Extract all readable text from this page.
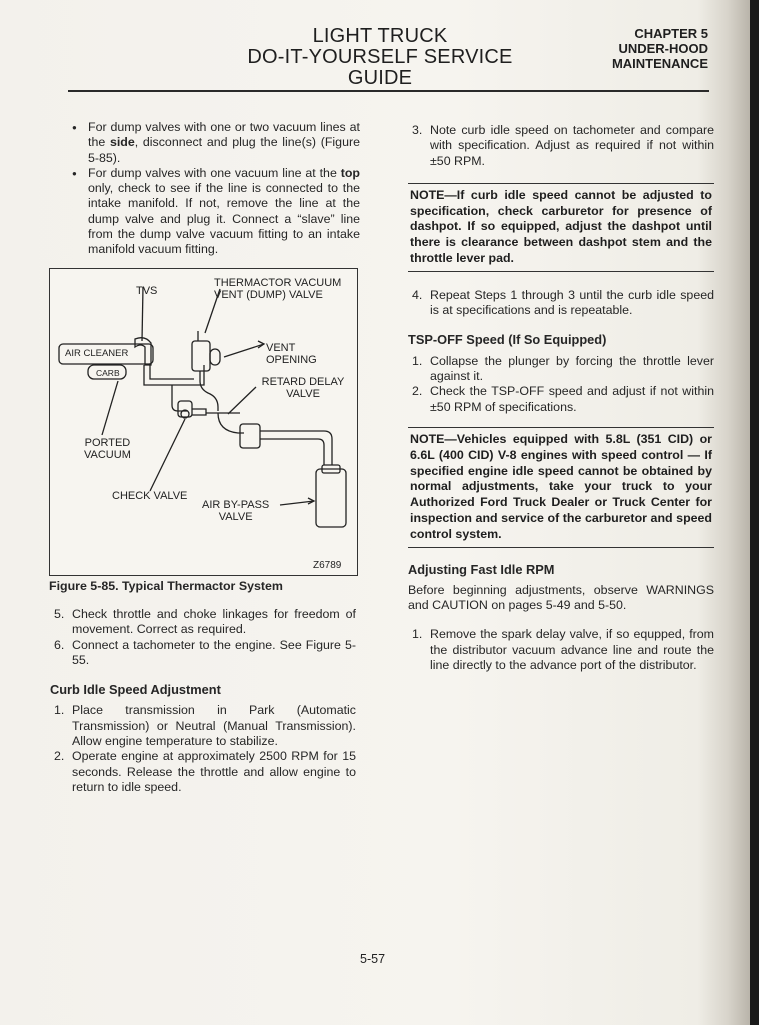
LIGHT TRUCK
DO-IT-YOURSELF SERVICE GUIDE
CHAPTER 5
UNDER-HOOD
MAINTENANCE
● For dump valves with one or two vacuum lines at the side, disconnect and plug the line(s) (Figure 5-85).
● For dump valves with one vacuum line at the top only, check to see if the line is connected to the intake manifold. If not, remove the line at the dump valve and plug it. Connect a “slave” line from the dump valve vacuum fitting to an intake manifold vacuum fitting.
TVS
THERMACTOR VACUUM
VENT (DUMP) VALVE
AIR CLEANER
CARB
VENT
OPENING
RETARD DELAY
VALVE
PORTED
VACUUM
CHECK VALVE
AIR BY-PASS
VALVE
Z6789
Figure 5-85. Typical Thermactor System
5. Check throttle and choke linkages for freedom of movement. Correct as required.
6. Connect a tachometer to the engine. See Figure 5-55.
Curb Idle Speed Adjustment
1. Place transmission in Park (Automatic Transmission) or Neutral (Manual Transmission). Allow engine temperature to stabilize.
2. Operate engine at approximately 2500 RPM for 15 seconds. Release the throttle and allow engine to return to idle speed.
3. Note curb idle speed on tachometer and compare with specification. Adjust as required if not within ±50 RPM.
NOTE—If curb idle speed cannot be adjusted to specification, check carburetor for presence of dashpot. If so equipped, adjust the dashpot until there is clearance between dashpot stem and the throttle lever pad.
4. Repeat Steps 1 through 3 until the curb idle speed is at specifications and is repeatable.
TSP-OFF Speed (If So Equipped)
1. Collapse the plunger by forcing the throttle lever against it.
2. Check the TSP-OFF speed and adjust if not within ±50 RPM of specifications.
NOTE—Vehicles equipped with 5.8L (351 CID) or 6.6L (400 CID) V-8 engines with speed control — If specified engine idle speed cannot be obtained by normal adjustments, take your truck to your Authorized Ford Truck Dealer or Truck Center for inspection and service of the carburetor and speed control system.
Adjusting Fast Idle RPM
Before beginning adjustments, observe WARNINGS and CAUTION on pages 5-49 and 5-50.
1. Remove the spark delay valve, if so equpped, from the distributor vacuum advance line and route the line directly to the advance port of the distributor.
5-57
